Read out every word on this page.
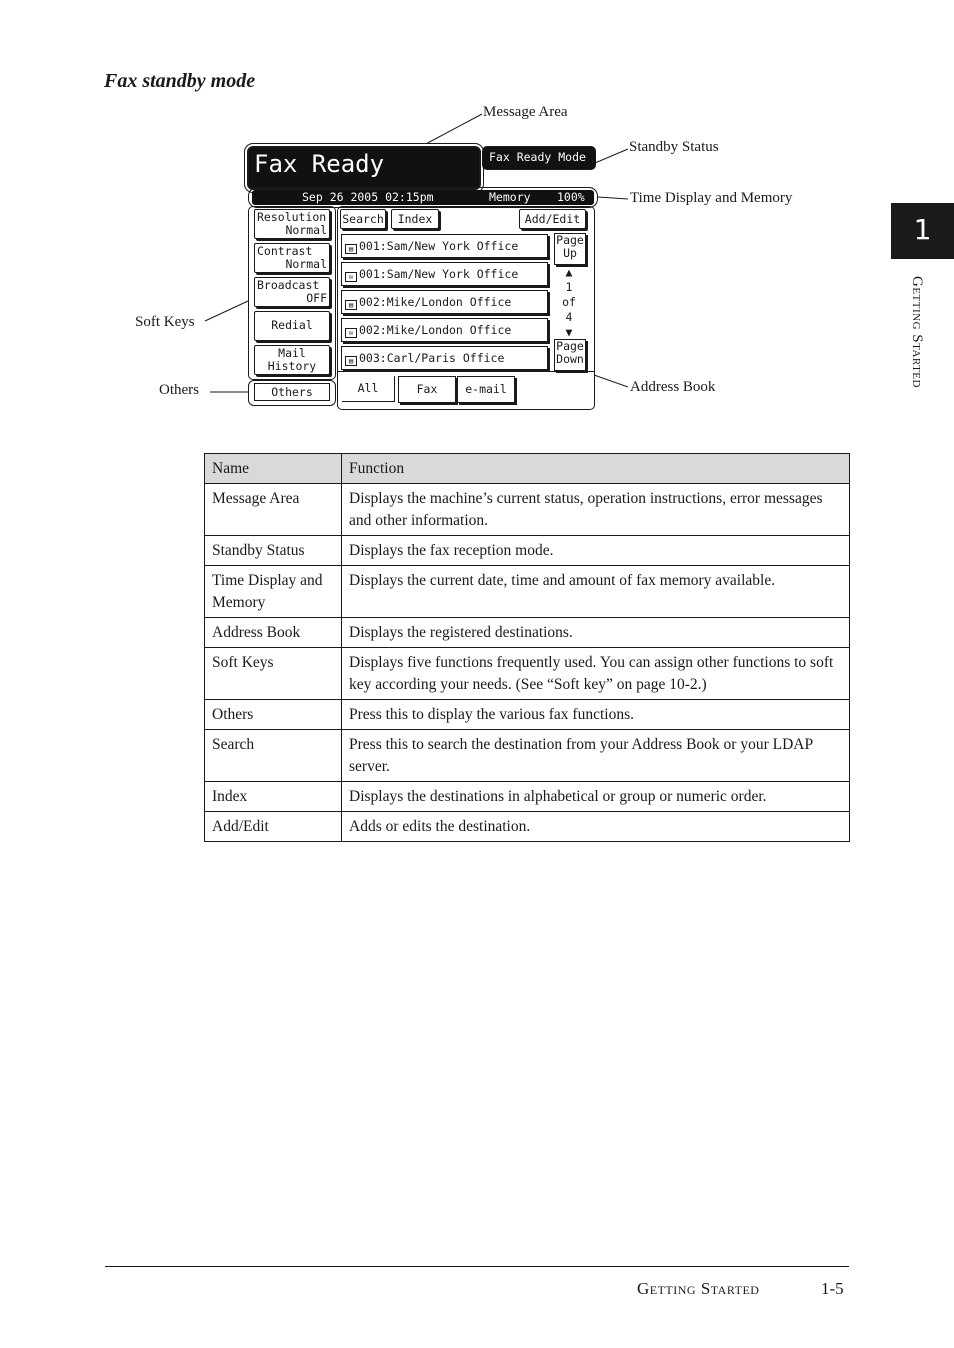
Fax standby mode
Message Area
Standby Status
Time Display and Memory
Soft Keys
Others	Address Book
Fax Ready	Fax Ready Mode
Sep 26 2005 02:15pm	Memory 100%
Resolution
Normal
Contrast
Normal
Broadcast
OFF
Redial
Mail
History
Others
Search	Index	Add/Edit
▤ 001:Sam/New York Office
✉ 001:Sam/New York Office
▤ 002:Mike/London Office
✉ 002:Mike/London Office
▤ 003:Carl/Paris Office
Page
Up
▲
1
of
4
▼
Page
Down
All	Fax	e-mail
Name	Function
Message Area	Displays the machine’s current status, operation instructions, error messages and other information.
Standby Status	Displays the fax reception mode.
Time Display and Memory	Displays the current date, time and amount of fax memory available.
Address Book	Displays the registered destinations.
Soft Keys	Displays five functions frequently used. You can assign other functions to soft key according your needs. (See “Soft key” on page 10-2.)
Others	Press this to display the various fax functions.
Search	Press this to search the destination from your Address Book or your LDAP server.
Index	Displays the destinations in alphabetical or group or numeric order.
Add/Edit	Adds or edits the destination.
1
Getting Started
Getting Started	1-5
